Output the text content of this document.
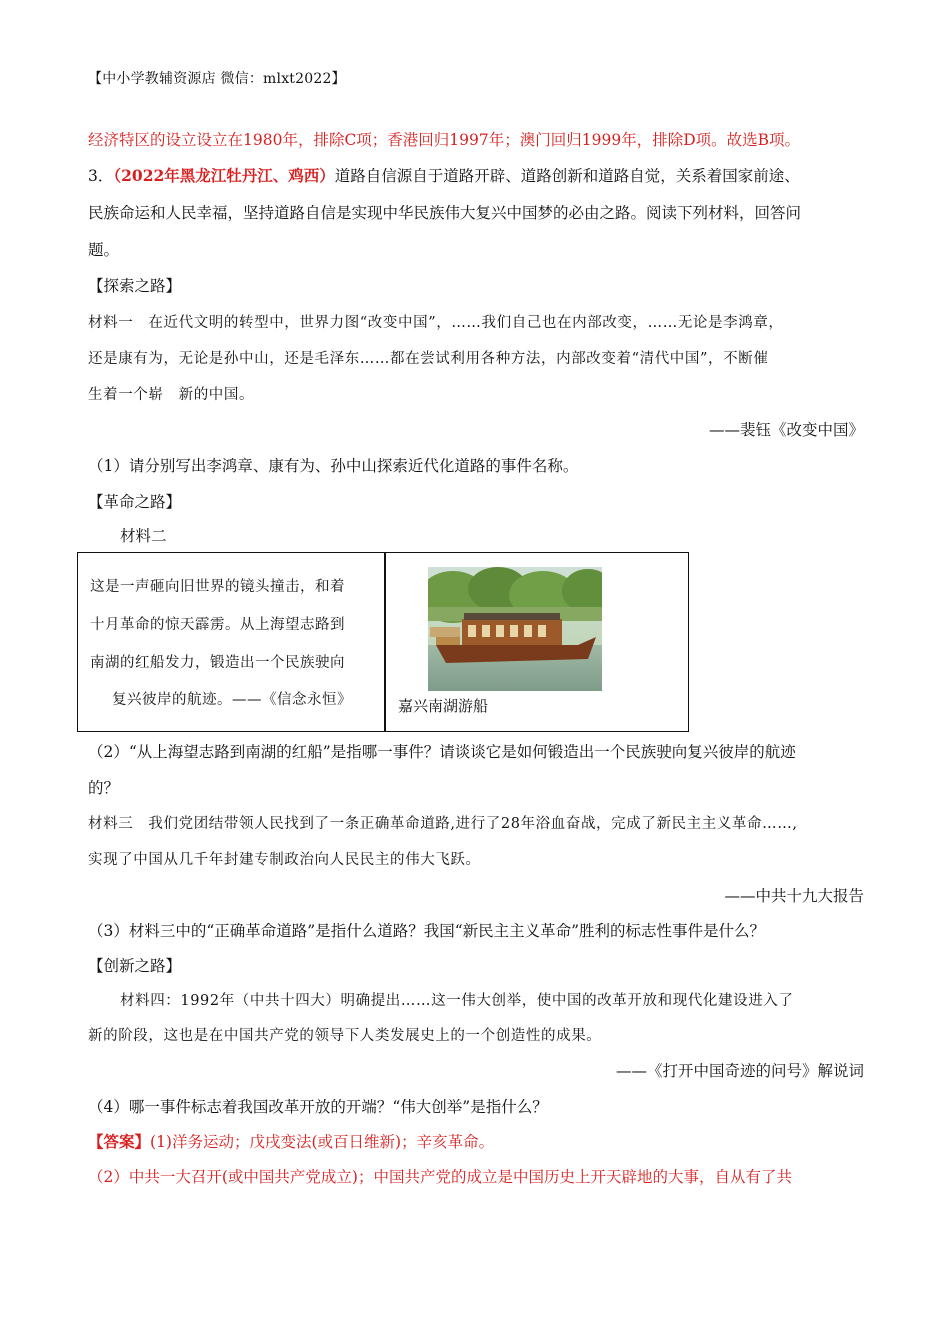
【中小学教辅资源店 微信：mlxt2022】
经济特区的设立设立在1980年，排除C项；香港回归1997年；澳门回归1999年，排除D项。故选B项。
3．（2022年黑龙江牡丹江、鸡西）道路自信源自于道路开辟、道路创新和道路自觉，关系着国家前途、
民族命运和人民幸福，坚持道路自信是实现中华民族伟大复兴中国梦的必由之路。阅读下列材料，回答问
题。
【探索之路】
材料一　在近代文明的转型中，世界力图“改变中国”，……我们自己也在内部改变，……无论是李鸿章，
还是康有为，无论是孙中山，还是毛泽东……都在尝试利用各种方法，内部改变着“清代中国”，不断催
生着一个崭　新的中国。
——裴钰《改变中国》
（1）请分别写出李鸿章、康有为、孙中山探索近代化道路的事件名称。
【革命之路】
材料二
这是一声砸向旧世界的镜头撞击，和着
十月革命的惊天霹雳。从上海望志路到
南湖的红船发力，锻造出一个民族驶向
复兴彼岸的航迹。——《信念永恒》	嘉兴南湖游船
（2）“从上海望志路到南湖的红船”是指哪一事件？请谈谈它是如何锻造出一个民族驶向复兴彼岸的航迹
的？
材料三　我们党团结带领人民找到了一条正确革命道路,进行了28年浴血奋战，完成了新民主主义革命……,
实现了中国从几千年封建专制政治向人民民主的伟大飞跃。
——中共十九大报告
（3）材料三中的“正确革命道路”是指什么道路？我国“新民主主义革命”胜利的标志性事件是什么？
【创新之路】
材料四：1992年（中共十四大）明确提出……这一伟大创举，使中国的改革开放和现代化建设进入了
新的阶段，这也是在中国共产党的领导下人类发展史上的一个创造性的成果。
——《打开中国奇迹的问号》解说词
（4）哪一事件标志着我国改革开放的开端？“伟大创举”是指什么？
【答案】(1)洋务运动；戊戌变法(或百日维新)；辛亥革命。
（2）中共一大召开(或中国共产党成立)；中国共产党的成立是中国历史上开天辟地的大事，自从有了共
